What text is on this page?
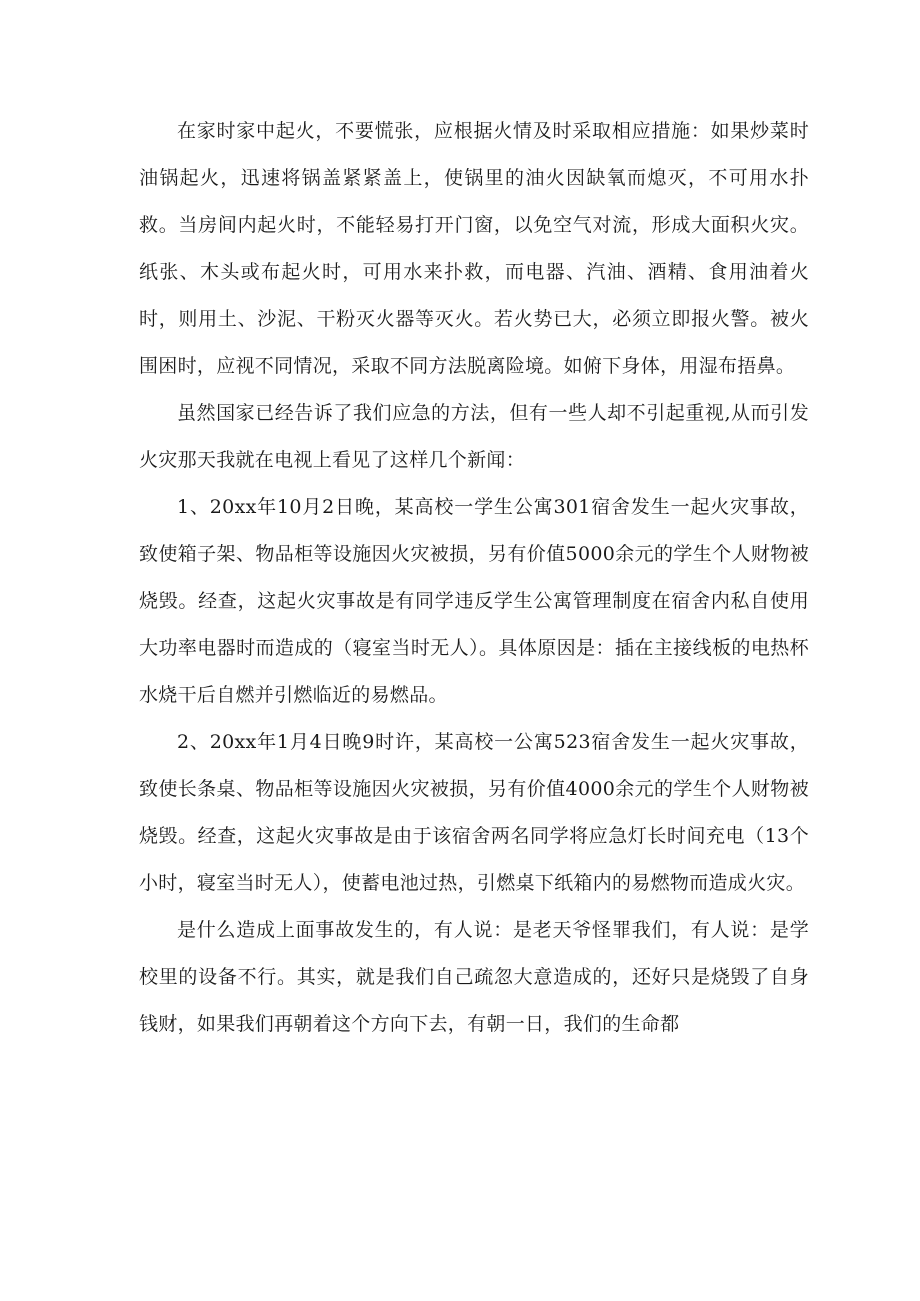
在家时家中起火，不要慌张，应根据火情及时采取相应措施：如果炒菜时油锅起火，迅速将锅盖紧紧盖上，使锅里的油火因缺氧而熄灭，不可用水扑救。当房间内起火时，不能轻易打开门窗，以免空气对流，形成大面积火灾。纸张、木头或布起火时，可用水来扑救，而电器、汽油、酒精、食用油着火时，则用土、沙泥、干粉灭火器等灭火。若火势已大，必须立即报火警。被火围困时，应视不同情况，采取不同方法脱离险境。如俯下身体，用湿布捂鼻。

虽然国家已经告诉了我们应急的方法，但有一些人却不引起重视,从而引发火灾那天我就在电视上看见了这样几个新闻：

1、20xx年10月2日晚，某高校一学生公寓301宿舍发生一起火灾事故，致使箱子架、物品柜等设施因火灾被损，另有价值5000余元的学生个人财物被烧毁。经查，这起火灾事故是有同学违反学生公寓管理制度在宿舍内私自使用大功率电器时而造成的（寝室当时无人）。具体原因是：插在主接线板的电热杯水烧干后自燃并引燃临近的易燃品。

2、20xx年1月4日晚9时许，某高校一公寓523宿舍发生一起火灾事故，致使长条桌、物品柜等设施因火灾被损，另有价值4000余元的学生个人财物被烧毁。经查，这起火灾事故是由于该宿舍两名同学将应急灯长时间充电（13个小时，寝室当时无人），使蓄电池过热，引燃桌下纸箱内的易燃物而造成火灾。

是什么造成上面事故发生的，有人说：是老天爷怪罪我们，有人说：是学校里的设备不行。其实，就是我们自己疏忽大意造成的，还好只是烧毁了自身钱财，如果我们再朝着这个方向下去，有朝一日，我们的生命都
